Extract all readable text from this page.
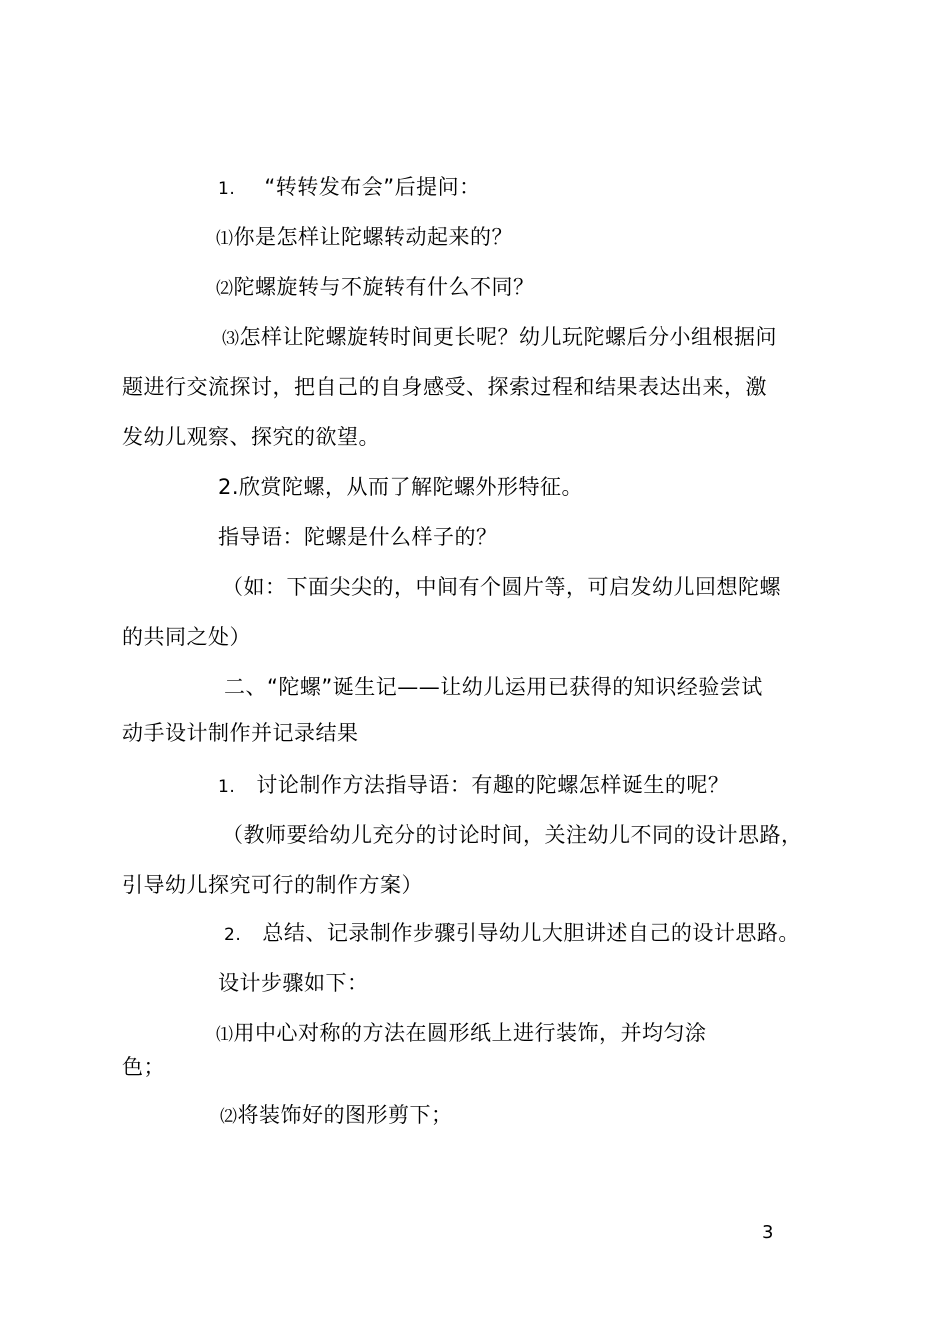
1. “转转发布会”后提问：
⑴你是怎样让陀螺转动起来的？
⑵陀螺旋转与不旋转有什么不同？
⑶怎样让陀螺旋转时间更长呢？幼儿玩陀螺后分小组根据问
题进行交流探讨，把自己的自身感受、探索过程和结果表达出来，激
发幼儿观察、探究的欲望。
2.欣赏陀螺，从而了解陀螺外形特征。
指导语：陀螺是什么样子的？
（如：下面尖尖的，中间有个圆片等，可启发幼儿回想陀螺
的共同之处）
二、“陀螺”诞生记——让幼儿运用已获得的知识经验尝试
动手设计制作并记录结果
1. 讨论制作方法指导语：有趣的陀螺怎样诞生的呢？
（教师要给幼儿充分的讨论时间，关注幼儿不同的设计思路，
引导幼儿探究可行的制作方案）
2. 总结、记录制作步骤引导幼儿大胆讲述自己的设计思路。
设计步骤如下：
⑴用中心对称的方法在圆形纸上进行装饰，并均匀涂
色；
⑵将装饰好的图形剪下；
3
